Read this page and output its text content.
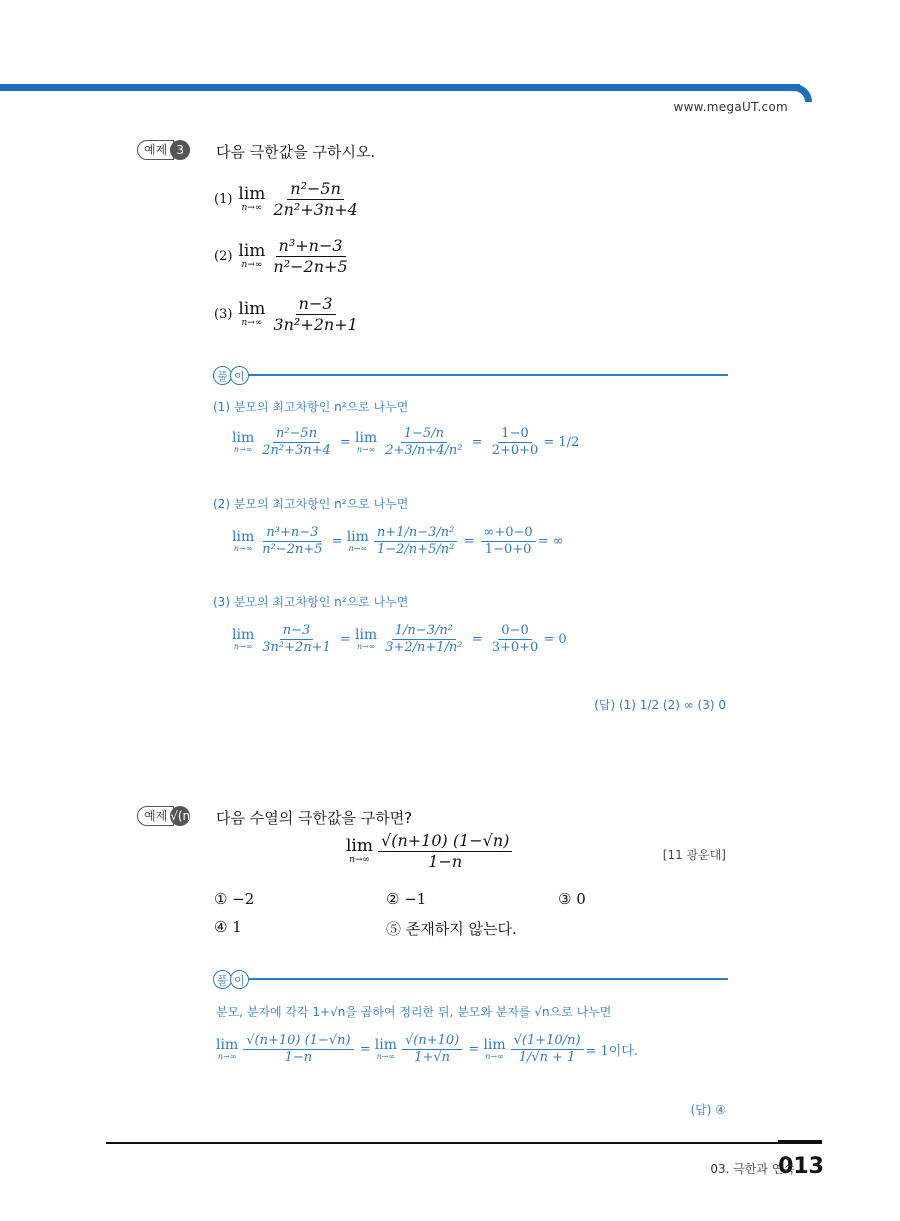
www.megaUT.com
예제 3	다음 극한값을 구하시오.
(1) lim
$n\to\infty \frac{\text{n²−5n}}{\text{2n²+3n+4}}$
(2) lim
$n\to\infty \frac{\text{n³+n−3}}{\text{n²−2n+5}}$
(3) lim
$n\to\infty \frac{n-3}{\text{3n²+2n+1}}$
풀 이
(1) 분모의 최고차항인 n²으로 나누면
lim
$n\to\infty \frac{\text{n²−5n}}{\text{2n²+3n+4}} = \lim$
$n\to\infty \frac{1-5/n}{\text{2+3/n+4/n²}} = \frac{1-0}{2+0+0} = 1/2$
(2) 분모의 최고차항인 n²으로 나누면
lim
$n\to\infty \frac{\text{n³+n−3}}{\text{n²−2n+5}} = \lim$
$n\to\infty \frac{\text{n+1/n−3/n²}}{\text{1−2/n+5/n²}} = \frac{\infty+0-0}{1-0+0}$ = ∞
(3) 분모의 최고차항인 n²으로 나누면
lim
$n\to\infty \frac{n-3}{\text{3n²+2n+1}} = \lim$
$n\to\infty \frac{\text{1/n−3/n²}}{\text{3+2/n+1/n²}} = \frac{0-0}{3+0+0} = 0$
(답) (1) 1/2 (2) ∞ (3) 0
예제 √(n+10) (1−√n)
다음 수열의 극한값을 구하면?
lim
$n\to\infty \frac{√(n+10) (1-√n)}{1-n}$	[11 광운대]
① −2	② −1	③ 0
④ 1	⑤ 존재하지 않는다.
풀 이
분모, 분자에 각각 1+√n을 곱하여 정리한 뒤, 분모와 분자를 √n으로 나누면
lim
$n\to\infty \frac{√(n+10) (1-√n)}{1-n} = \lim$
$n\to\infty \frac{√(n+10)}{1+√n} = \lim$
$n\to\infty \frac{√(1+10/n)}{1/√n + 1} = 1$이다.
(답) ④
03. 극한과 연속
013
